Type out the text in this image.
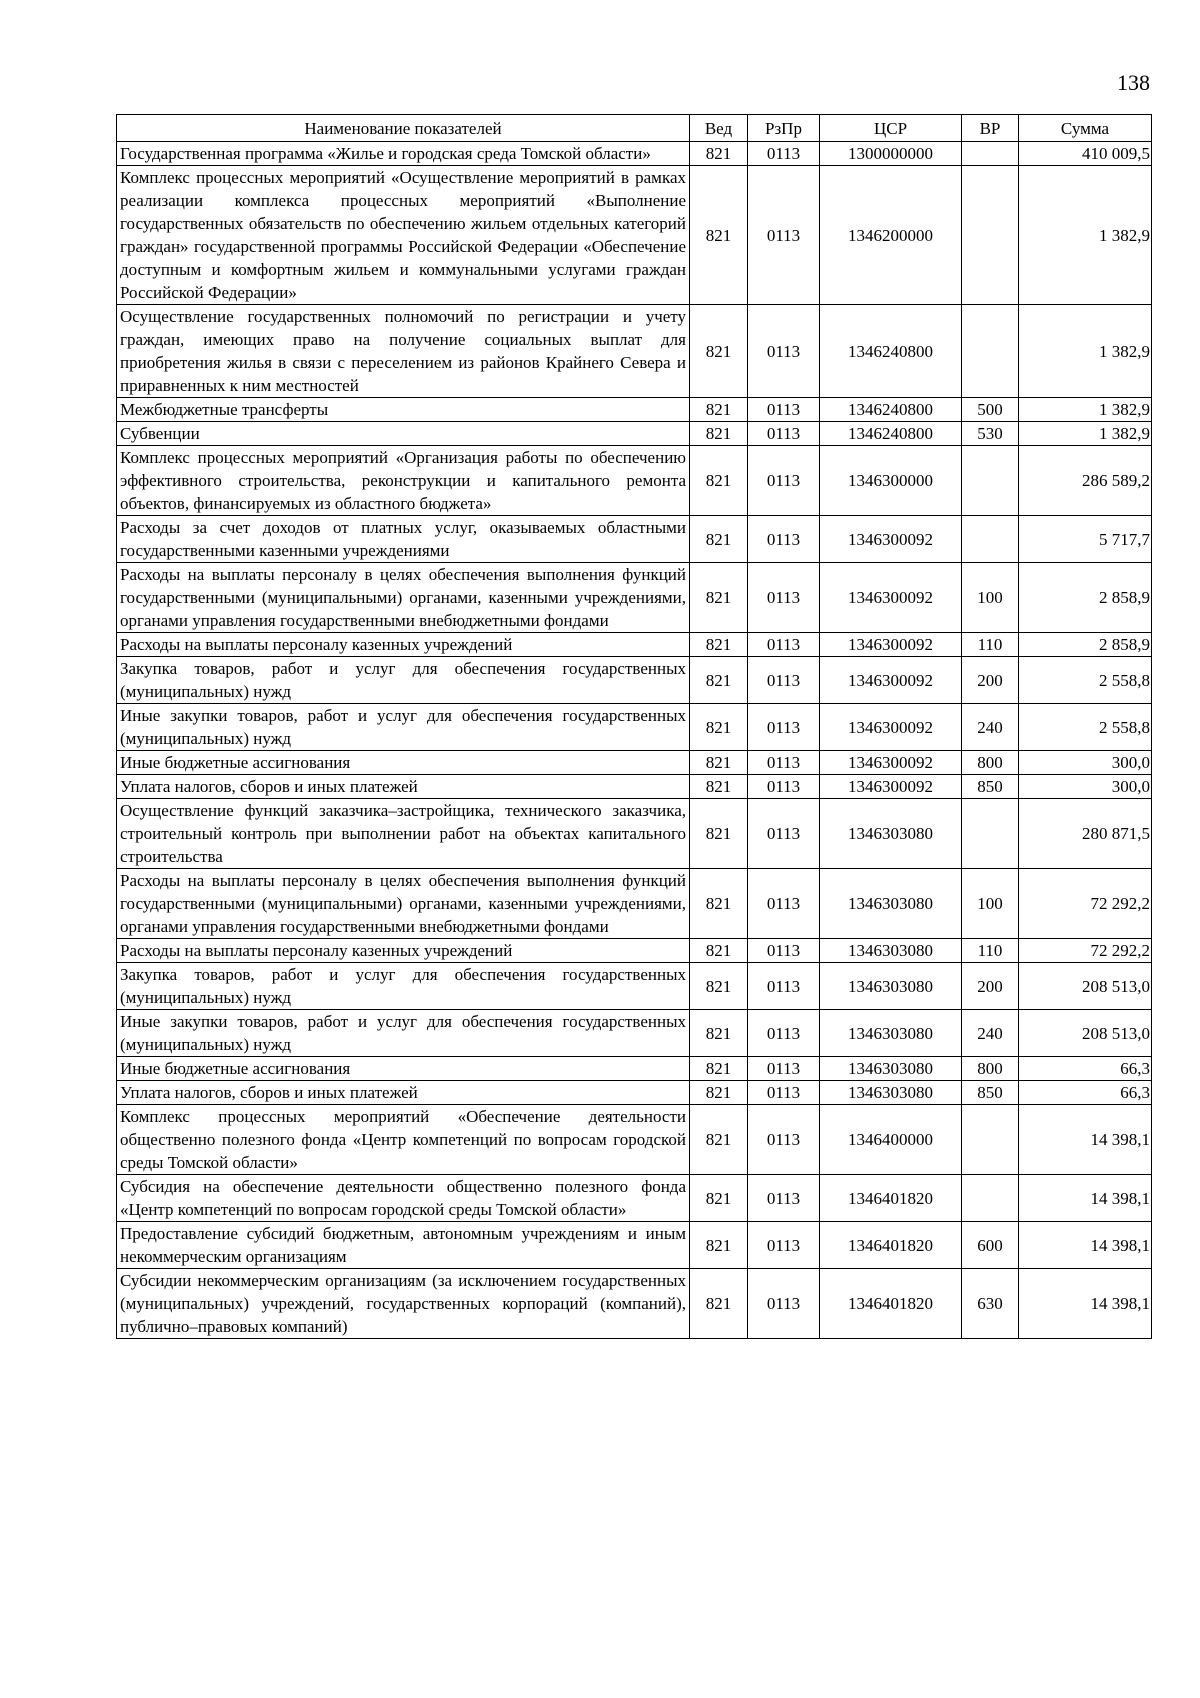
138
Наименование показателей	Вед	РзПр	ЦСР	ВР	Сумма
Государственная программа «Жилье и городская среда Томской области»	821	0113	1300000000		410 009,5
Комплекс процессных мероприятий «Осуществление мероприятий в рамках реализации комплекса процессных мероприятий «Выполнение государственных обязательств по обеспечению жильем отдельных категорий граждан» государственной программы Российской Федерации «Обеспечение доступным и комфортным жильем и коммунальными услугами граждан Российской Федерации»	821	0113	1346200000		1 382,9
Осуществление государственных полномочий по регистрации и учету граждан, имеющих право на получение социальных выплат для приобретения жилья в связи с переселением из районов Крайнего Севера и приравненных к ним местностей	821	0113	1346240800		1 382,9
Межбюджетные трансферты	821	0113	1346240800	500	1 382,9
Субвенции	821	0113	1346240800	530	1 382,9
Комплекс процессных мероприятий «Организация работы по обеспечению эффективного строительства, реконструкции и капитального ремонта объектов, финансируемых из областного бюджета»	821	0113	1346300000		286 589,2
Расходы за счет доходов от платных услуг, оказываемых областными государственными казенными учреждениями	821	0113	1346300092		5 717,7
Расходы на выплаты персоналу в целях обеспечения выполнения функций государственными (муниципальными) органами, казенными учреждениями, органами управления государственными внебюджетными фондами	821	0113	1346300092	100	2 858,9
Расходы на выплаты персоналу казенных учреждений	821	0113	1346300092	110	2 858,9
Закупка товаров, работ и услуг для обеспечения государственных (муниципальных) нужд	821	0113	1346300092	200	2 558,8
Иные закупки товаров, работ и услуг для обеспечения государственных (муниципальных) нужд	821	0113	1346300092	240	2 558,8
Иные бюджетные ассигнования	821	0113	1346300092	800	300,0
Уплата налогов, сборов и иных платежей	821	0113	1346300092	850	300,0
Осуществление функций заказчика–застройщика, технического заказчика, строительный контроль при выполнении работ на объектах капитального строительства	821	0113	1346303080		280 871,5
Расходы на выплаты персоналу в целях обеспечения выполнения функций государственными (муниципальными) органами, казенными учреждениями, органами управления государственными внебюджетными фондами	821	0113	1346303080	100	72 292,2
Расходы на выплаты персоналу казенных учреждений	821	0113	1346303080	110	72 292,2
Закупка товаров, работ и услуг для обеспечения государственных (муниципальных) нужд	821	0113	1346303080	200	208 513,0
Иные закупки товаров, работ и услуг для обеспечения государственных (муниципальных) нужд	821	0113	1346303080	240	208 513,0
Иные бюджетные ассигнования	821	0113	1346303080	800	66,3
Уплата налогов, сборов и иных платежей	821	0113	1346303080	850	66,3
Комплекс процессных мероприятий «Обеспечение деятельности общественно полезного фонда «Центр компетенций по вопросам городской среды Томской области»	821	0113	1346400000		14 398,1
Субсидия на обеспечение деятельности общественно полезного фонда «Центр компетенций по вопросам городской среды Томской области»	821	0113	1346401820		14 398,1
Предоставление субсидий бюджетным, автономным учреждениям и иным некоммерческим организациям	821	0113	1346401820	600	14 398,1
Субсидии некоммерческим организациям (за исключением государственных (муниципальных) учреждений, государственных корпораций (компаний), публично–правовых компаний)	821	0113	1346401820	630	14 398,1
